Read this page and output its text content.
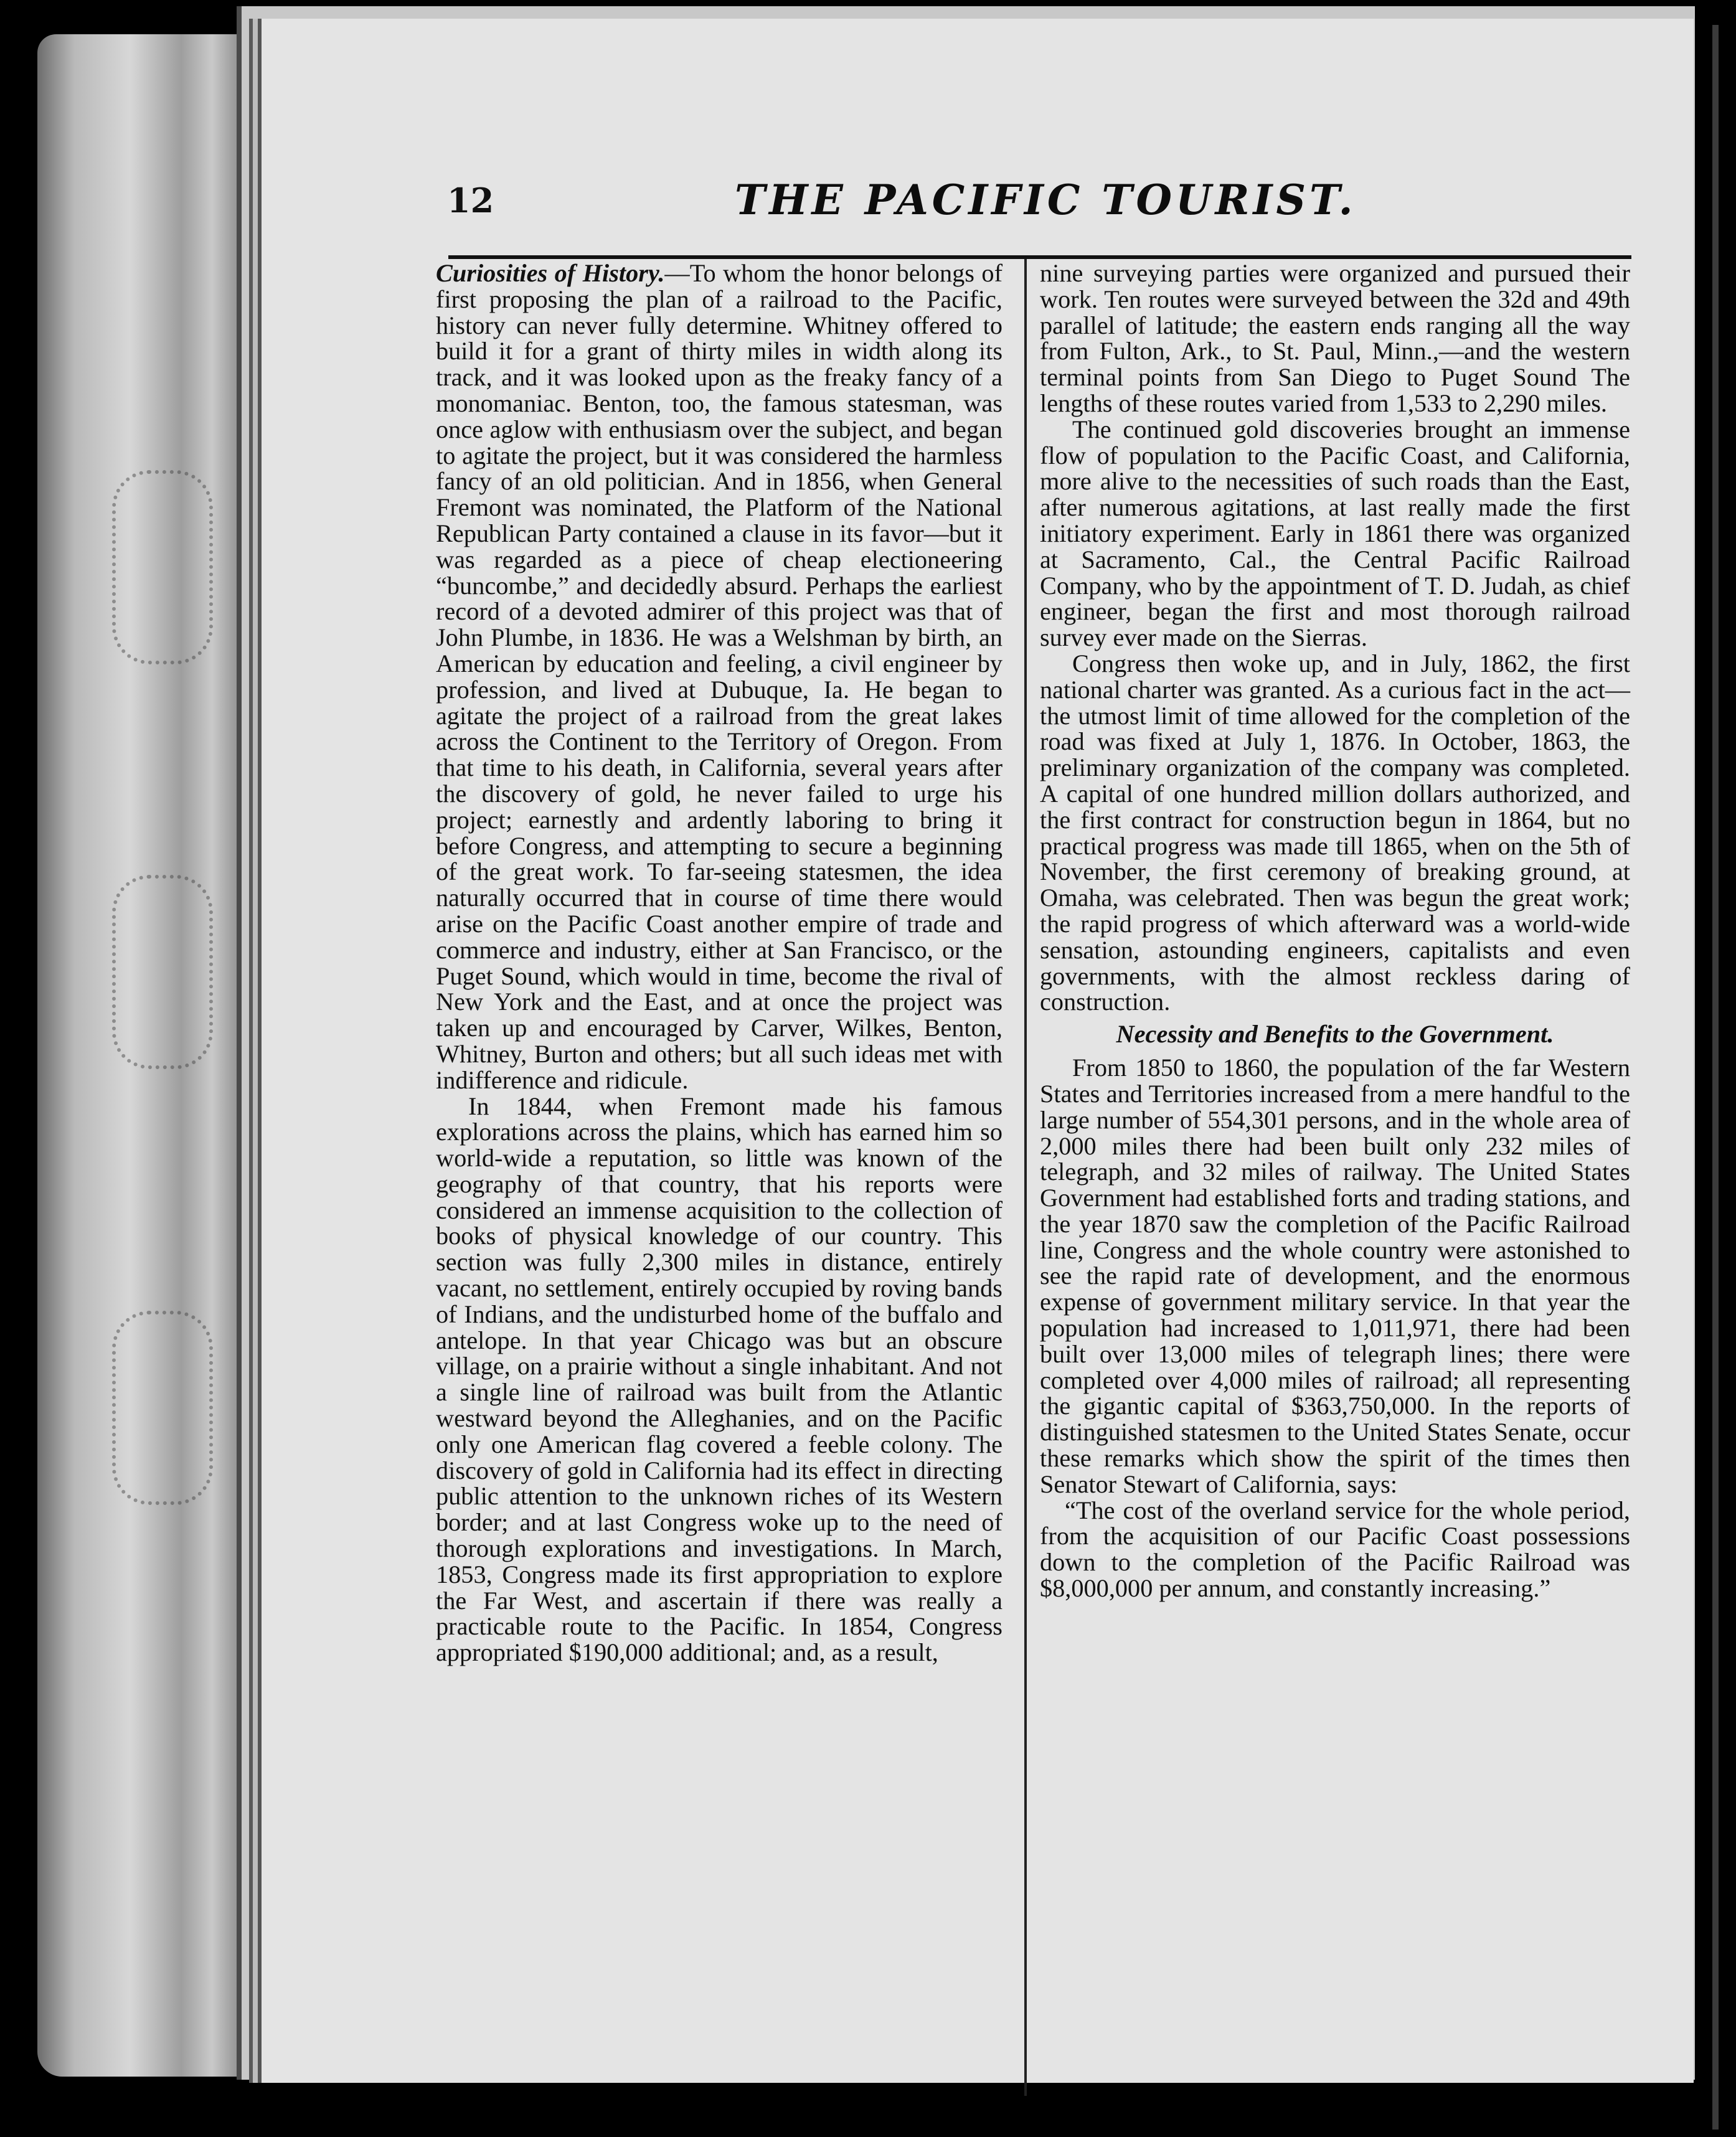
12	THE PACIFIC TOURIST.

Curiosities of History.—To whom the honor belongs of first proposing the plan of a railroad to the Pacific, history can never fully determine. Whitney offered to build it for a grant of thirty miles in width along its track, and it was looked upon as the freaky fancy of a monomaniac. Benton, too, the famous statesman, was once aglow with enthusiasm over the subject, and began to agitate the project, but it was considered the harmless fancy of an old politician. And in 1856, when General Fremont was nominated, the Platform of the National Republican Party contained a clause in its favor—but it was regarded as a piece of cheap electioneering “buncombe,” and decidedly absurd. Perhaps the earliest record of a devoted admirer of this project was that of John Plumbe, in 1836. He was a Welshman by birth, an American by education and feeling, a civil engineer by profession, and lived at Dubuque, Ia. He began to agitate the project of a railroad from the great lakes across the Continent to the Territory of Oregon. From that time to his death, in California, several years after the discovery of gold, he never failed to urge his project; earnestly and ardently laboring to bring it before Congress, and attempting to secure a beginning of the great work. To far-seeing statesmen, the idea naturally occurred that in course of time there would arise on the Pacific Coast another empire of trade and commerce and industry, either at San Francisco, or the Puget Sound, which would in time, become the rival of New York and the East, and at once the project was taken up and encouraged by Carver, Wilkes, Benton, Whitney, Burton and others; but all such ideas met with indifference and ridicule.

In 1844, when Fremont made his famous explorations across the plains, which has earned him so world-wide a reputation, so little was known of the geography of that country, that his reports were considered an immense acquisition to the collection of books of physical knowledge of our country. This section was fully 2,300 miles in distance, entirely vacant, no settlement, entirely occupied by roving bands of Indians, and the undisturbed home of the buffalo and antelope. In that year Chicago was but an obscure village, on a prairie without a single inhabitant. And not a single line of railroad was built from the Atlantic westward beyond the Alleghanies, and on the Pacific only one American flag covered a feeble colony. The discovery of gold in California had its effect in directing public attention to the unknown riches of its Western border; and at last Congress woke up to the need of thorough explorations and investigations. In March, 1853, Congress made its first appropriation to explore the Far West, and ascertain if there was really a practicable route to the Pacific. In 1854, Congress appropriated $190,000 additional; and, as a result,

nine surveying parties were organized and pursued their work. Ten routes were surveyed between the 32d and 49th parallel of latitude; the eastern ends ranging all the way from Fulton, Ark., to St. Paul, Minn.,—and the western terminal points from San Diego to Puget Sound The lengths of these routes varied from 1,533 to 2,290 miles.

The continued gold discoveries brought an immense flow of population to the Pacific Coast, and California, more alive to the necessities of such roads than the East, after numerous agitations, at last really made the first initiatory experiment. Early in 1861 there was organized at Sacramento, Cal., the Central Pacific Railroad Company, who by the appointment of T. D. Judah, as chief engineer, began the first and most thorough railroad survey ever made on the Sierras.

Congress then woke up, and in July, 1862, the first national charter was granted. As a curious fact in the act—the utmost limit of time allowed for the completion of the road was fixed at July 1, 1876. In October, 1863, the preliminary organization of the company was completed. A capital of one hundred million dollars authorized, and the first contract for construction begun in 1864, but no practical progress was made till 1865, when on the 5th of November, the first ceremony of breaking ground, at Omaha, was celebrated. Then was begun the great work; the rapid progress of which afterward was a world-wide sensation, astounding engineers, capitalists and even governments, with the almost reckless daring of construction.

Necessity and Benefits to the Government.

From 1850 to 1860, the population of the far Western States and Territories increased from a mere handful to the large number of 554,301 persons, and in the whole area of 2,000 miles there had been built only 232 miles of telegraph, and 32 miles of railway. The United States Government had established forts and trading stations, and the year 1870 saw the completion of the Pacific Railroad line, Congress and the whole country were astonished to see the rapid rate of development, and the enormous expense of government military service. In that year the population had increased to 1,011,971, there had been built over 13,000 miles of telegraph lines; there were completed over 4,000 miles of railroad; all representing the gigantic capital of $363,750,000. In the reports of distinguished statesmen to the United States Senate, occur these remarks which show the spirit of the times then Senator Stewart of California, says:

“The cost of the overland service for the whole period, from the acquisition of our Pacific Coast possessions down to the completion of the Pacific Railroad was $8,000,000 per annum, and constantly increasing.”
